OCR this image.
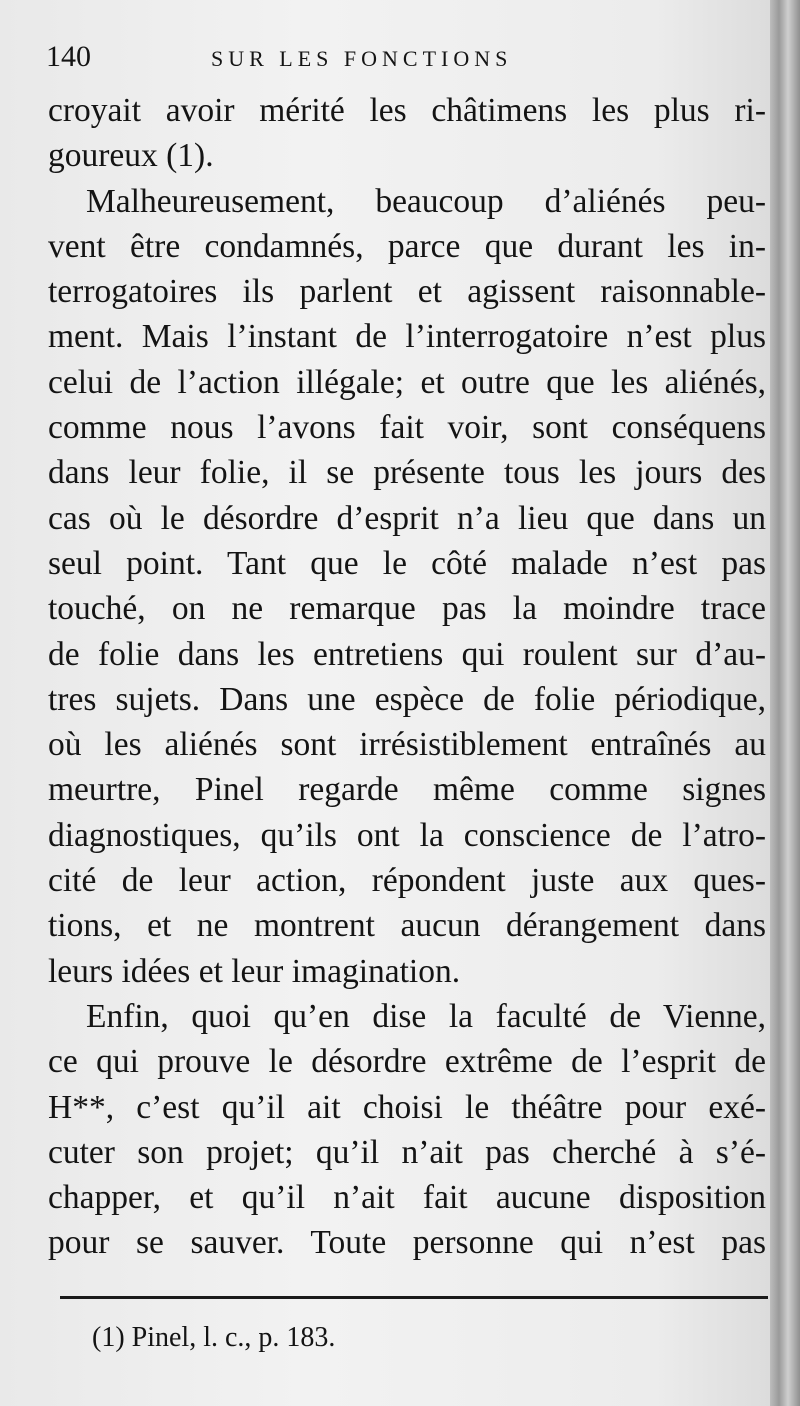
140	SUR LES FONCTIONS
croyait avoir mérité les châtimens les plus ri-
goureux (1).
Malheureusement, beaucoup d’aliénés peu-
vent être condamnés, parce que durant les in-
terrogatoires ils parlent et agissent raisonnable-
ment. Mais l’instant de l’interrogatoire n’est plus
celui de l’action illégale; et outre que les aliénés,
comme nous l’avons fait voir, sont conséquens
dans leur folie, il se présente tous les jours des
cas où le désordre d’esprit n’a lieu que dans un
seul point. Tant que le côté malade n’est pas
touché, on ne remarque pas la moindre trace
de folie dans les entretiens qui roulent sur d’au-
tres sujets. Dans une espèce de folie périodique,
où les aliénés sont irrésistiblement entraînés au
meurtre, Pinel regarde même comme signes
diagnostiques, qu’ils ont la conscience de l’atro-
cité de leur action, répondent juste aux ques-
tions, et ne montrent aucun dérangement dans
leurs idées et leur imagination.
Enfin, quoi qu’en dise la faculté de Vienne,
ce qui prouve le désordre extrême de l’esprit de
H**, c’est qu’il ait choisi le théâtre pour exé-
cuter son projet; qu’il n’ait pas cherché à s’é-
chapper, et qu’il n’ait fait aucune disposition
pour se sauver. Toute personne qui n’est pas
(1) Pinel, l. c., p. 183.
